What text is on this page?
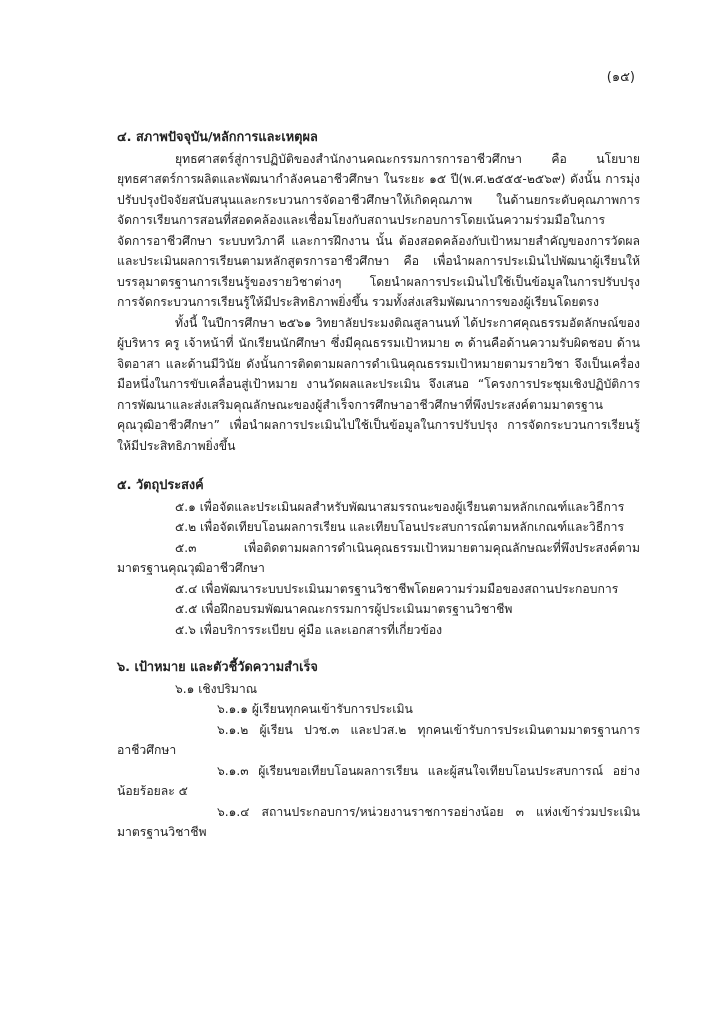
(๑๕)
๔. สภาพปัจจุบัน/หลักการและเหตุผล
ยุทธศาสตร์สู่การปฏิบัติของสำนักงานคณะกรรมการการอาชีวศึกษา คือ นโยบายยุทธศาสตร์การผลิตและพัฒนากำลังคนอาชีวศึกษา ในระยะ ๑๕ ปี(พ.ศ.๒๕๕๕-๒๕๖๙) ดังนั้น การมุ่งปรับปรุงปัจจัยสนับสนุนและกระบวนการจัดอาชีวศึกษาให้เกิดคุณภาพ ในด้านยกระดับคุณภาพการจัดการเรียนการสอนที่สอดคล้องและเชื่อมโยงกับสถานประกอบการโดยเน้นความร่วมมือในการจัดการอาชีวศึกษา ระบบทวิภาคี และการฝึกงาน นั้น ต้องสอดคล้องกับเป้าหมายสำคัญของการวัดผลและประเมินผลการเรียนตามหลักสูตรการอาชีวศึกษา คือ เพื่อนำผลการประเมินไปพัฒนาผู้เรียนให้บรรลุมาตรฐานการเรียนรู้ของรายวิชาต่างๆ โดยนำผลการประเมินไปใช้เป็นข้อมูลในการปรับปรุง การจัดกระบวนการเรียนรู้ให้มีประสิทธิภาพยิ่งขึ้น รวมทั้งส่งเสริมพัฒนาการของผู้เรียนโดยตรง
ทั้งนี้ ในปีการศึกษา ๒๕๖๑ วิทยาลัยประมงติณสูลานนท์ ได้ประกาศคุณธรรมอัตลักษณ์ของผู้บริหาร ครู เจ้าหน้าที่ นักเรียนนักศึกษา ซึ่งมีคุณธรรมเป้าหมาย ๓ ด้านคือด้านความรับผิดชอบ ด้านจิตอาสา และด้านมีวินัย ดังนั้นการติดตามผลการดำเนินคุณธรรมเป้าหมายตามรายวิชา จึงเป็นเครื่องมือหนึ่งในการขับเคลื่อนสู่เป้าหมาย งานวัดผลและประเมิน จึงเสนอ “โครงการประชุมเชิงปฏิบัติการการพัฒนาและส่งเสริมคุณลักษณะของผู้สำเร็จการศึกษาอาชีวศึกษาที่พึงประสงค์ตามมาตรฐานคุณวุฒิอาชีวศึกษา” เพื่อนำผลการประเมินไปใช้เป็นข้อมูลในการปรับปรุง การจัดกระบวนการเรียนรู้ให้มีประสิทธิภาพยิ่งขึ้น
๕. วัตถุประสงค์
๕.๑ เพื่อจัดและประเมินผลสำหรับพัฒนาสมรรถนะของผู้เรียนตามหลักเกณฑ์และวิธีการ
๕.๒ เพื่อจัดเทียบโอนผลการเรียน และเทียบโอนประสบการณ์ตามหลักเกณฑ์และวิธีการ
๕.๓ เพื่อติดตามผลการดำเนินคุณธรรมเป้าหมายตามคุณลักษณะที่พึงประสงค์ตามมาตรฐานคุณวุฒิอาชีวศึกษา
๕.๔ เพื่อพัฒนาระบบประเมินมาตรฐานวิชาชีพโดยความร่วมมือของสถานประกอบการ
๕.๕ เพื่อฝึกอบรมพัฒนาคณะกรรมการผู้ประเมินมาตรฐานวิชาชีพ
๕.๖ เพื่อบริการระเบียบ คู่มือ และเอกสารที่เกี่ยวข้อง
๖. เป้าหมาย และตัวชี้วัดความสำเร็จ
๖.๑ เชิงปริมาณ
๖.๑.๑ ผู้เรียนทุกคนเข้ารับการประเมิน
๖.๑.๒ ผู้เรียน ปวช.๓ และปวส.๒ ทุกคนเข้ารับการประเมินตามมาตรฐานการอาชีวศึกษา
๖.๑.๓ ผู้เรียนขอเทียบโอนผลการเรียน และผู้สนใจเทียบโอนประสบการณ์ อย่างน้อยร้อยละ ๕
๖.๑.๔ สถานประกอบการ/หน่วยงานราชการอย่างน้อย ๓ แห่งเข้าร่วมประเมินมาตรฐานวิชาชีพ
